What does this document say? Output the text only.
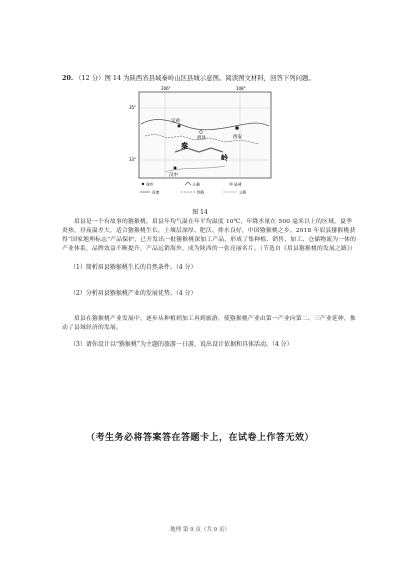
20. （12 分）图 14 为陕西省县域秦岭山区县城示意图。阅读图文材料，回答下列问题。
106°	108°
35°
33°
宝鸡
眉县	西安
秦
岭
汉中
城市	山脉	县城
河流	铁路	公路
图 14
眉县是一个有故事的猕猴桃。眉县年均气温在年平均温度 10℃，年降水量在 500 毫米以上的区域，夏季炎热，昼夜温差大，适合猕猴桃生长，土壤层深厚、肥沃、排水良好，中国猕猴桃之乡。2018 年眉县猕猴桃获得“国家地理标志”产品保护，已开发出一批猕猴桃深加工产品，形成了集种植、销售、加工、仓储物流为一体的产业体系，品牌效益不断提升，产品远销海外，成为陕西的一张亮丽名片。（节选自《眉县猕猴桃的发展之路》）
（1）简析眉县猕猴桃生长的自然条件。（4 分）
（2）分析眉县猕猴桃产业的发展优势。（4 分）
眉县在猕猴桃产业发展中，逐步从种植到加工再到旅游，使猕猴桃产业由第一产业向第二、三产业延伸，推动了县域经济的发展。
（3）请你设计以“猕猴桃”为主题的旅游一日游，说出设计依据和具体活动。（4 分）
（考生务必将答案答在答题卡上，在试卷上作答无效）
地理 第 9 页（共 9 页）
